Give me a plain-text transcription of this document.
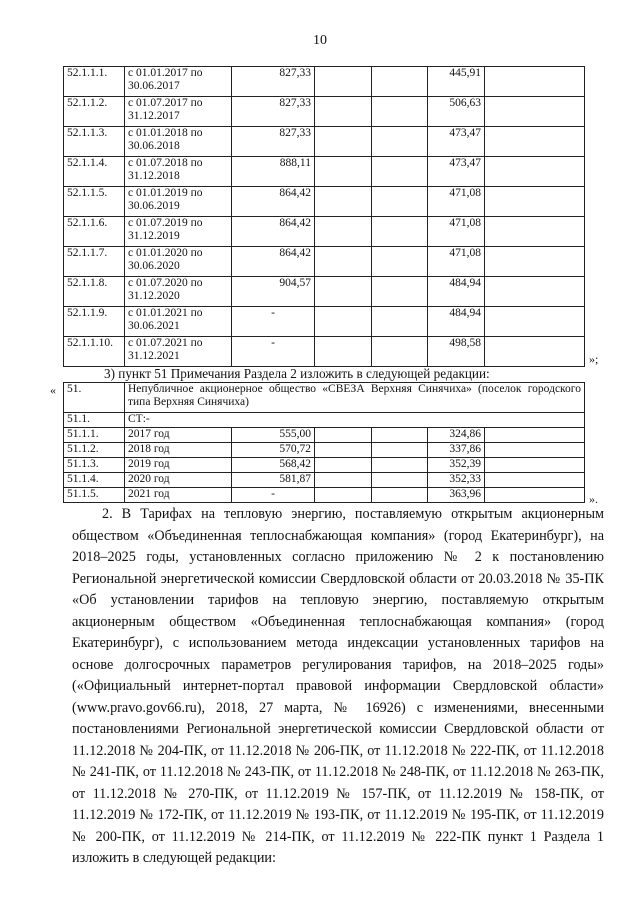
10
52.1.1.1.	с 01.01.2017 по 30.06.2017	827,33			445,91	
52.1.1.2.	с 01.07.2017 по 31.12.2017	827,33			506,63	
52.1.1.3.	с 01.01.2018 по 30.06.2018	827,33			473,47	
52.1.1.4.	с 01.07.2018 по 31.12.2018	888,11			473,47	
52.1.1.5.	с 01.01.2019 по 30.06.2019	864,42			471,08	
52.1.1.6.	с 01.07.2019 по 31.12.2019	864,42			471,08	
52.1.1.7.	с 01.01.2020 по 30.06.2020	864,42			471,08	
52.1.1.8.	с 01.07.2020 по 31.12.2020	904,57			484,94	
52.1.1.9.	с 01.01.2021 по 30.06.2021	-			484,94	
52.1.1.10.	с 01.07.2021 по 31.12.2021	-			498,58	
»;
3) пункт 51 Примечания Раздела 2 изложить в следующей редакции:
« 51.	Непубличное акционерное общество «СВЕЗА Верхняя Синячиха» (поселок городского типа Верхняя Синячиха)					
51.1.	СТ:-					
51.1.1.	2017 год	555,00			324,86	
51.1.2.	2018 год	570,72			337,86	
51.1.3.	2019 год	568,42			352,39	
51.1.4.	2020 год	581,87			352,33	
51.1.5.	2021 год	-			363,96		».

2. В Тарифах на тепловую энергию, поставляемую открытым акционерным обществом «Объединенная теплоснабжающая компания» (город Екатеринбург), на 2018–2025 годы, установленных согласно приложению № 2 к постановлению Региональной энергетической комиссии Свердловской области от 20.03.2018 № 35-ПК «Об установлении тарифов на тепловую энергию, поставляемую открытым акционерным обществом «Объединенная теплоснабжающая компания» (город Екатеринбург), с использованием метода индексации установленных тарифов на основе долгосрочных параметров регулирования тарифов, на 2018–2025 годы» («Официальный интернет-портал правовой информации Свердловской области» (www.pravo.gov66.ru), 2018, 27 марта, № 16926) с изменениями, внесенными постановлениями Региональной энергетической комиссии Свердловской области от 11.12.2018 № 204-ПК, от 11.12.2018 № 206-ПК, от 11.12.2018 № 222-ПК, от 11.12.2018 № 241-ПК, от 11.12.2018 № 243-ПК, от 11.12.2018 № 248-ПК, от 11.12.2018 № 263-ПК, от 11.12.2018 № 270-ПК, от 11.12.2019 № 157-ПК, от 11.12.2019 № 158-ПК, от 11.12.2019 № 172-ПК, от 11.12.2019 № 193-ПК, от 11.12.2019 № 195-ПК, от 11.12.2019 № 200-ПК, от 11.12.2019 № 214-ПК, от 11.12.2019 № 222-ПК пункт 1 Раздела 1 изложить в следующей редакции:
